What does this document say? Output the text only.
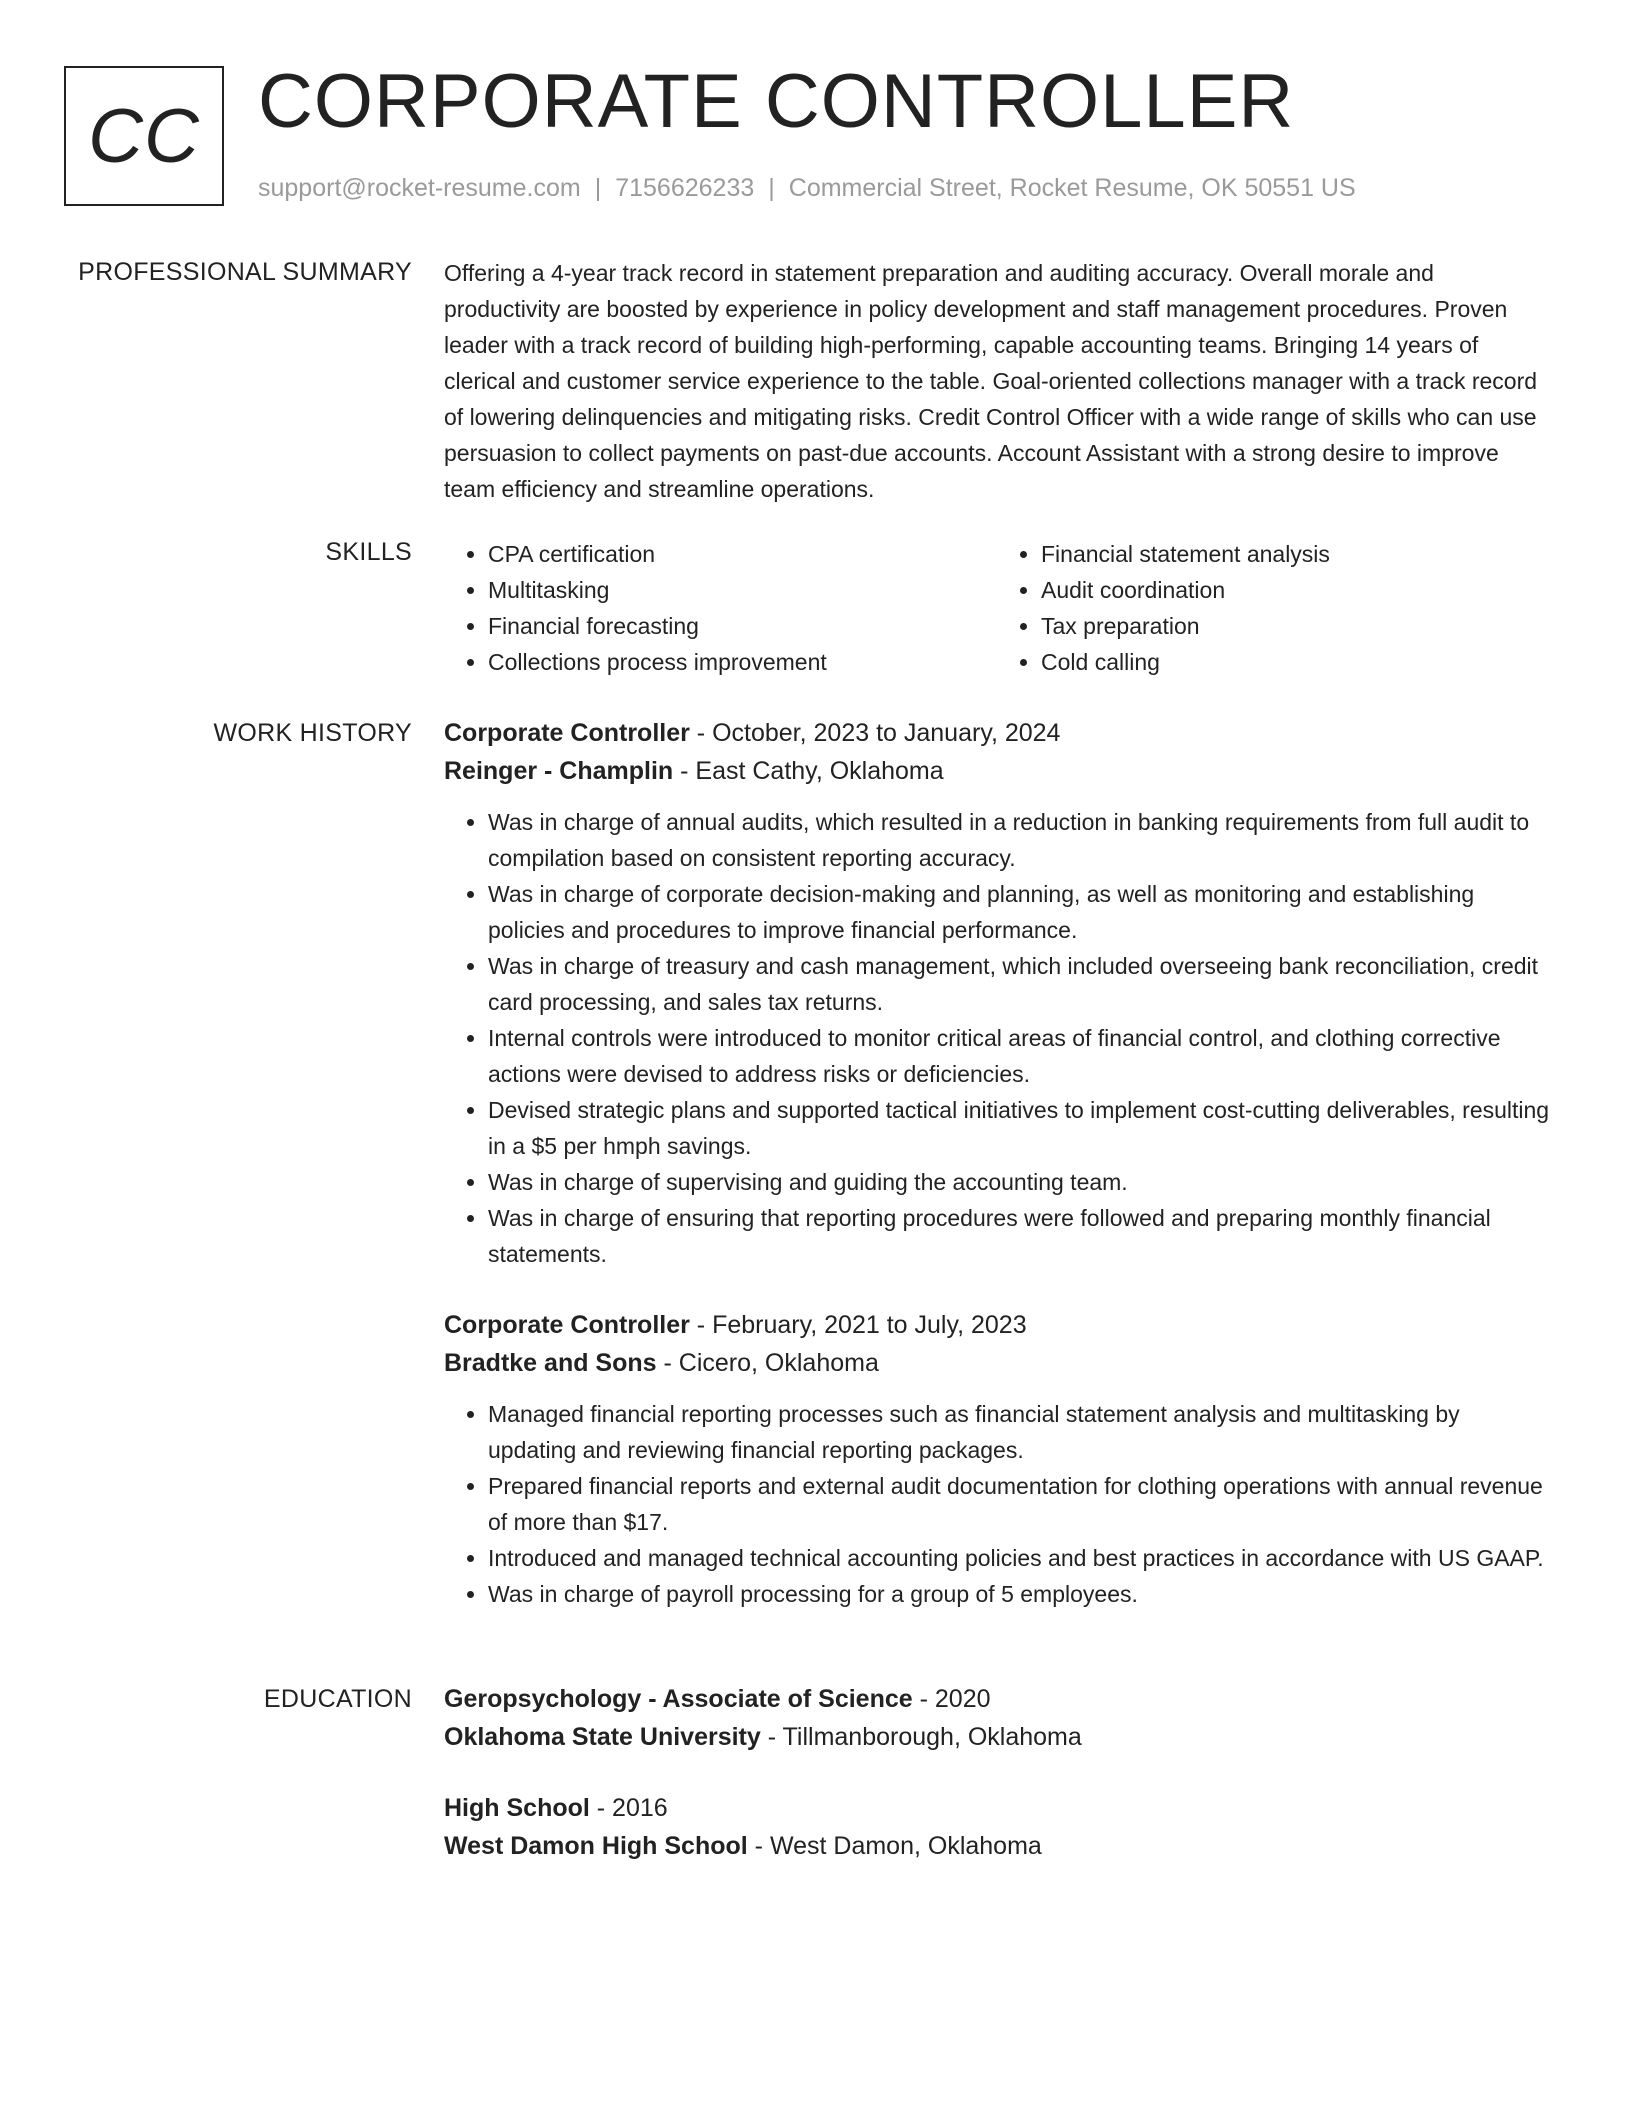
CC CORPORATE CONTROLLER
support@rocket-resume.com | 7156626233 | Commercial Street, Rocket Resume, OK 50551 US
PROFESSIONAL SUMMARY Offering a 4-year track record in statement preparation and auditing accuracy. Overall morale and productivity are boosted by experience in policy development and staff management procedures. Proven leader with a track record of building high-performing, capable accounting teams. Bringing 14 years of clerical and customer service experience to the table. Goal-oriented collections manager with a track record of lowering delinquencies and mitigating risks. Credit Control Officer with a wide range of skills who can use persuasion to collect payments on past-due accounts. Account Assistant with a strong desire to improve team efficiency and streamline operations.

SKILLS
•	CPA certification
• Multitasking
• Financial forecasting
• Collections process improvement
• Financial statement analysis
• Audit coordination
• Tax preparation
• Cold calling
WORK HISTORY Corporate Controller - October, 2023 to January, 2024
Reinger - Champlin - East Cathy, Oklahoma
• Was in charge of annual audits, which resulted in a reduction in banking requirements from full audit to compilation based on consistent reporting accuracy.
• Was in charge of corporate decision-making and planning, as well as monitoring and establishing policies and procedures to improve financial performance.
• Was in charge of treasury and cash management, which included overseeing bank reconciliation, credit card processing, and sales tax returns.
• Internal controls were introduced to monitor critical areas of financial control, and clothing corrective actions were devised to address risks or deficiencies.
• Devised strategic plans and supported tactical initiatives to implement cost-cutting deliverables, resulting in a $5 per hmph savings.
• Was in charge of supervising and guiding the accounting team.
• Was in charge of ensuring that reporting procedures were followed and preparing monthly financial statements.
Corporate Controller - February, 2021 to July, 2023
Bradtke and Sons - Cicero, Oklahoma
• Managed financial reporting processes such as financial statement analysis and multitasking by updating and reviewing financial reporting packages.
• Prepared financial reports and external audit documentation for clothing operations with annual revenue of more than $17.
• Introduced and managed technical accounting policies and best practices in accordance with US GAAP.
• Was in charge of payroll processing for a group of 5 employees.
EDUCATION Geropsychology - Associate of Science - 2020
Oklahoma State University - Tillmanborough, Oklahoma
High School - 2016
West Damon High School - West Damon, Oklahoma
